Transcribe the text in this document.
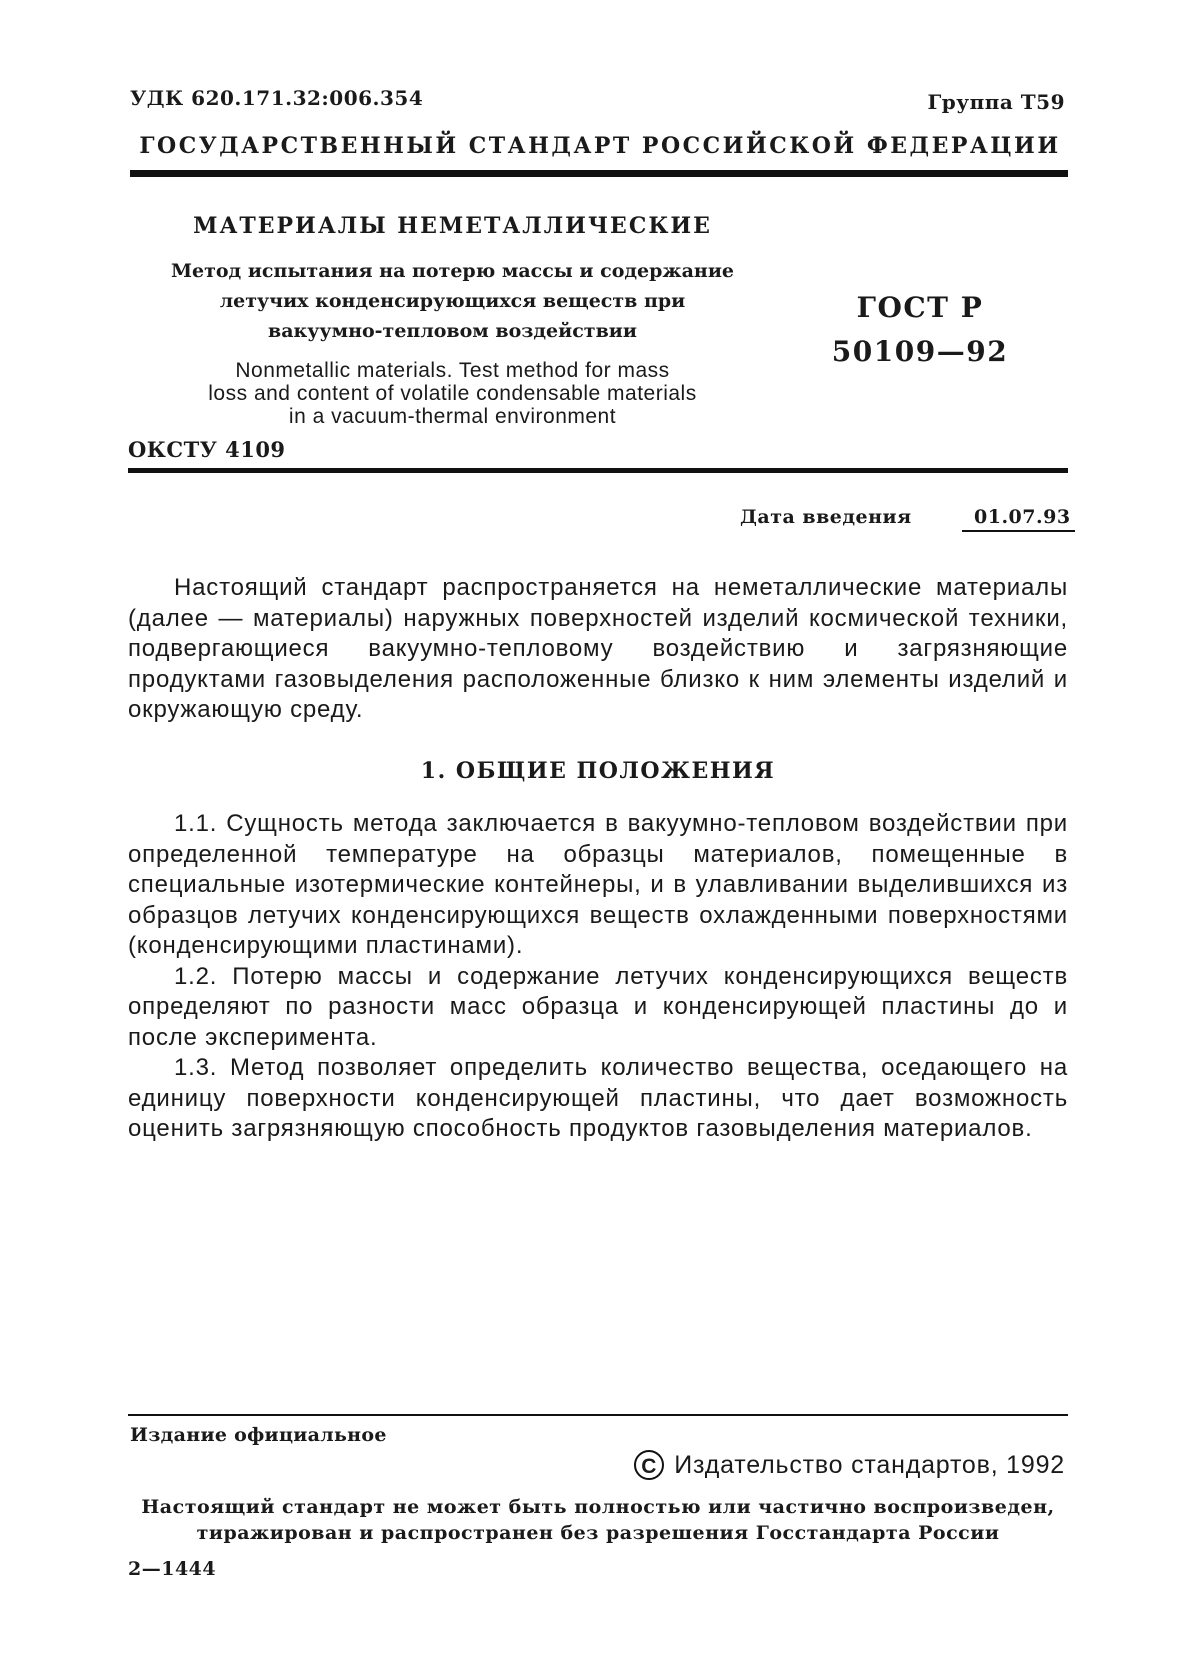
УДК 620.171.32:006.354	Группа Т59
ГОСУДАРСТВЕННЫЙ СТАНДАРТ РОССИЙСКОЙ ФЕДЕРАЦИИ
МАТЕРИАЛЫ НЕМЕТАЛЛИЧЕСКИЕ
Метод испытания на потерю массы и содержание
летучих конденсирующихся веществ при
вакуумно-тепловом воздействии
Nonmetallic materials. Test method for mass
loss and content of volatile condensable materials
in a vacuum-thermal environment
ГОСТ Р
50109—92
ОКСТУ 4109
Дата введения	01.07.93

Настоящий стандарт распространяется на неметаллические материалы (далее — материалы) наружных поверхностей изделий космической техники, подвергающиеся вакуумно-тепловому воздействию и загрязняющие продуктами газовыделения расположенные близко к ним элементы изделий и окружающую среду.

1. ОБЩИЕ ПОЛОЖЕНИЯ

1.1. Сущность метода заключается в вакуумно-тепловом воздействии при определенной температуре на образцы материалов, помещенные в специальные изотермические контейнеры, и в улавливании выделившихся из образцов летучих конденсирующихся веществ охлажденными поверхностями (конденсирующими пластинами).

1.2. Потерю массы и содержание летучих конденсирующихся веществ определяют по разности масс образца и конденсирующей пластины до и после эксперимента.

1.3. Метод позволяет определить количество вещества, оседающего на единицу поверхности конденсирующей пластины, что дает возможность оценить загрязняющую способность продуктов газовыделения материалов.

Издание официальное
C
Издательство стандартов, 1992
Настоящий стандарт не может быть полностью или частично воспроизведен,
тиражирован и распространен без разрешения Госстандарта России
2—1444
